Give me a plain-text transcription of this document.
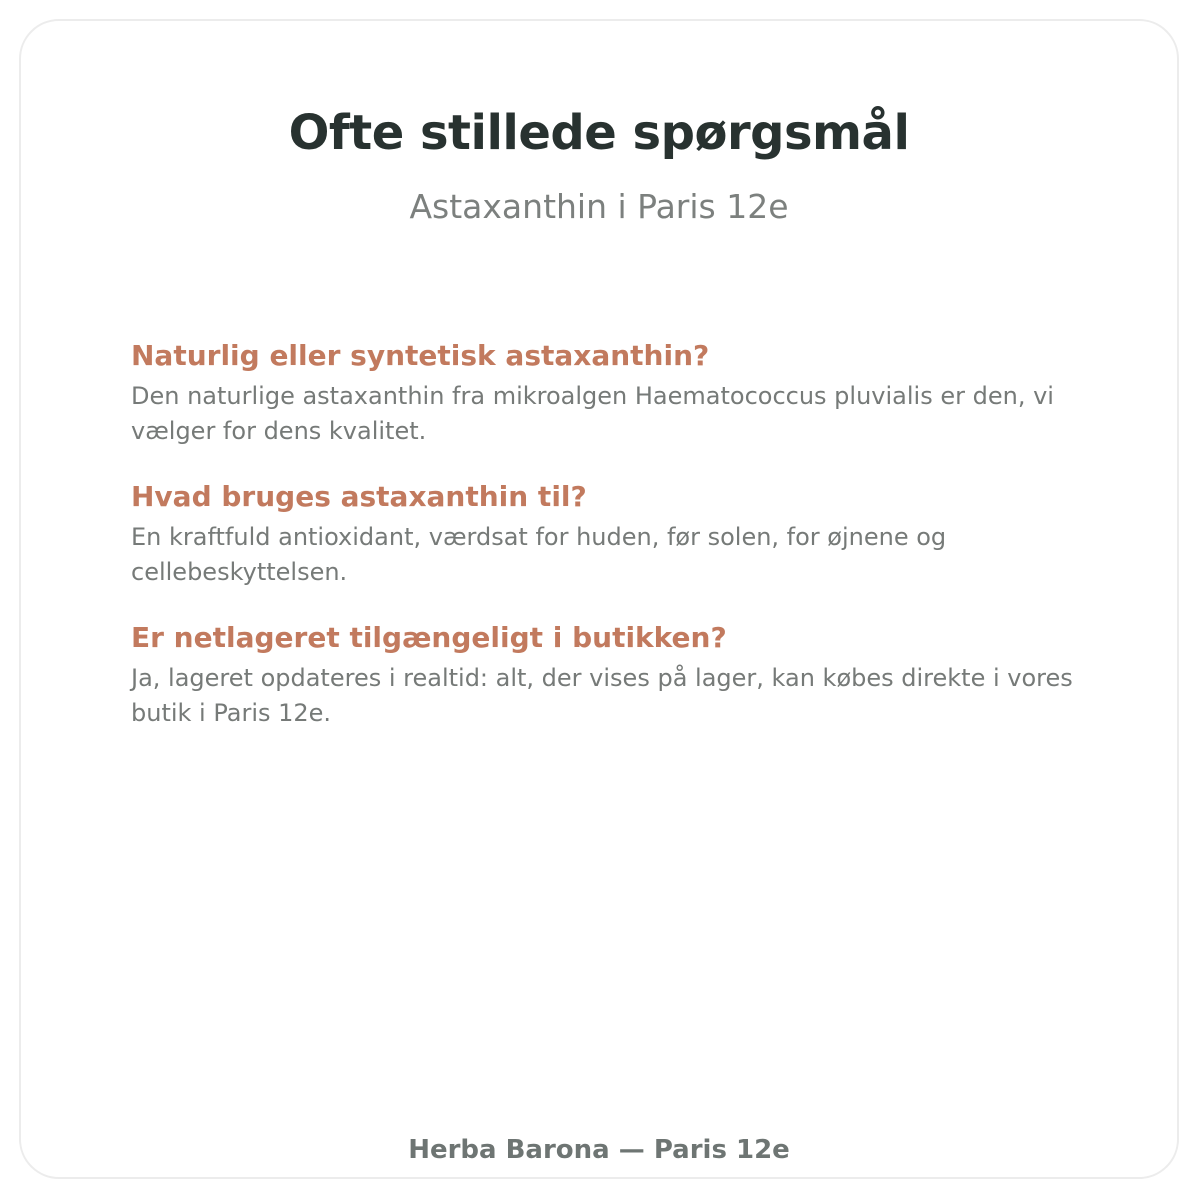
Ofte stillede spørgsmål

Astaxanthin i Paris 12e

Naturlig eller syntetisk astaxanthin?

Den naturlige astaxanthin fra mikroalgen Haematococcus pluvialis er den, vi vælger for dens kvalitet.

Hvad bruges astaxanthin til?

En kraftfuld antioxidant, værdsat for huden, før solen, for øjnene og cellebeskyttelsen.

Er netlageret tilgængeligt i butikken?

Ja, lageret opdateres i realtid: alt, der vises på lager, kan købes direkte i vores butik i Paris 12e.

Herba Barona — Paris 12e
